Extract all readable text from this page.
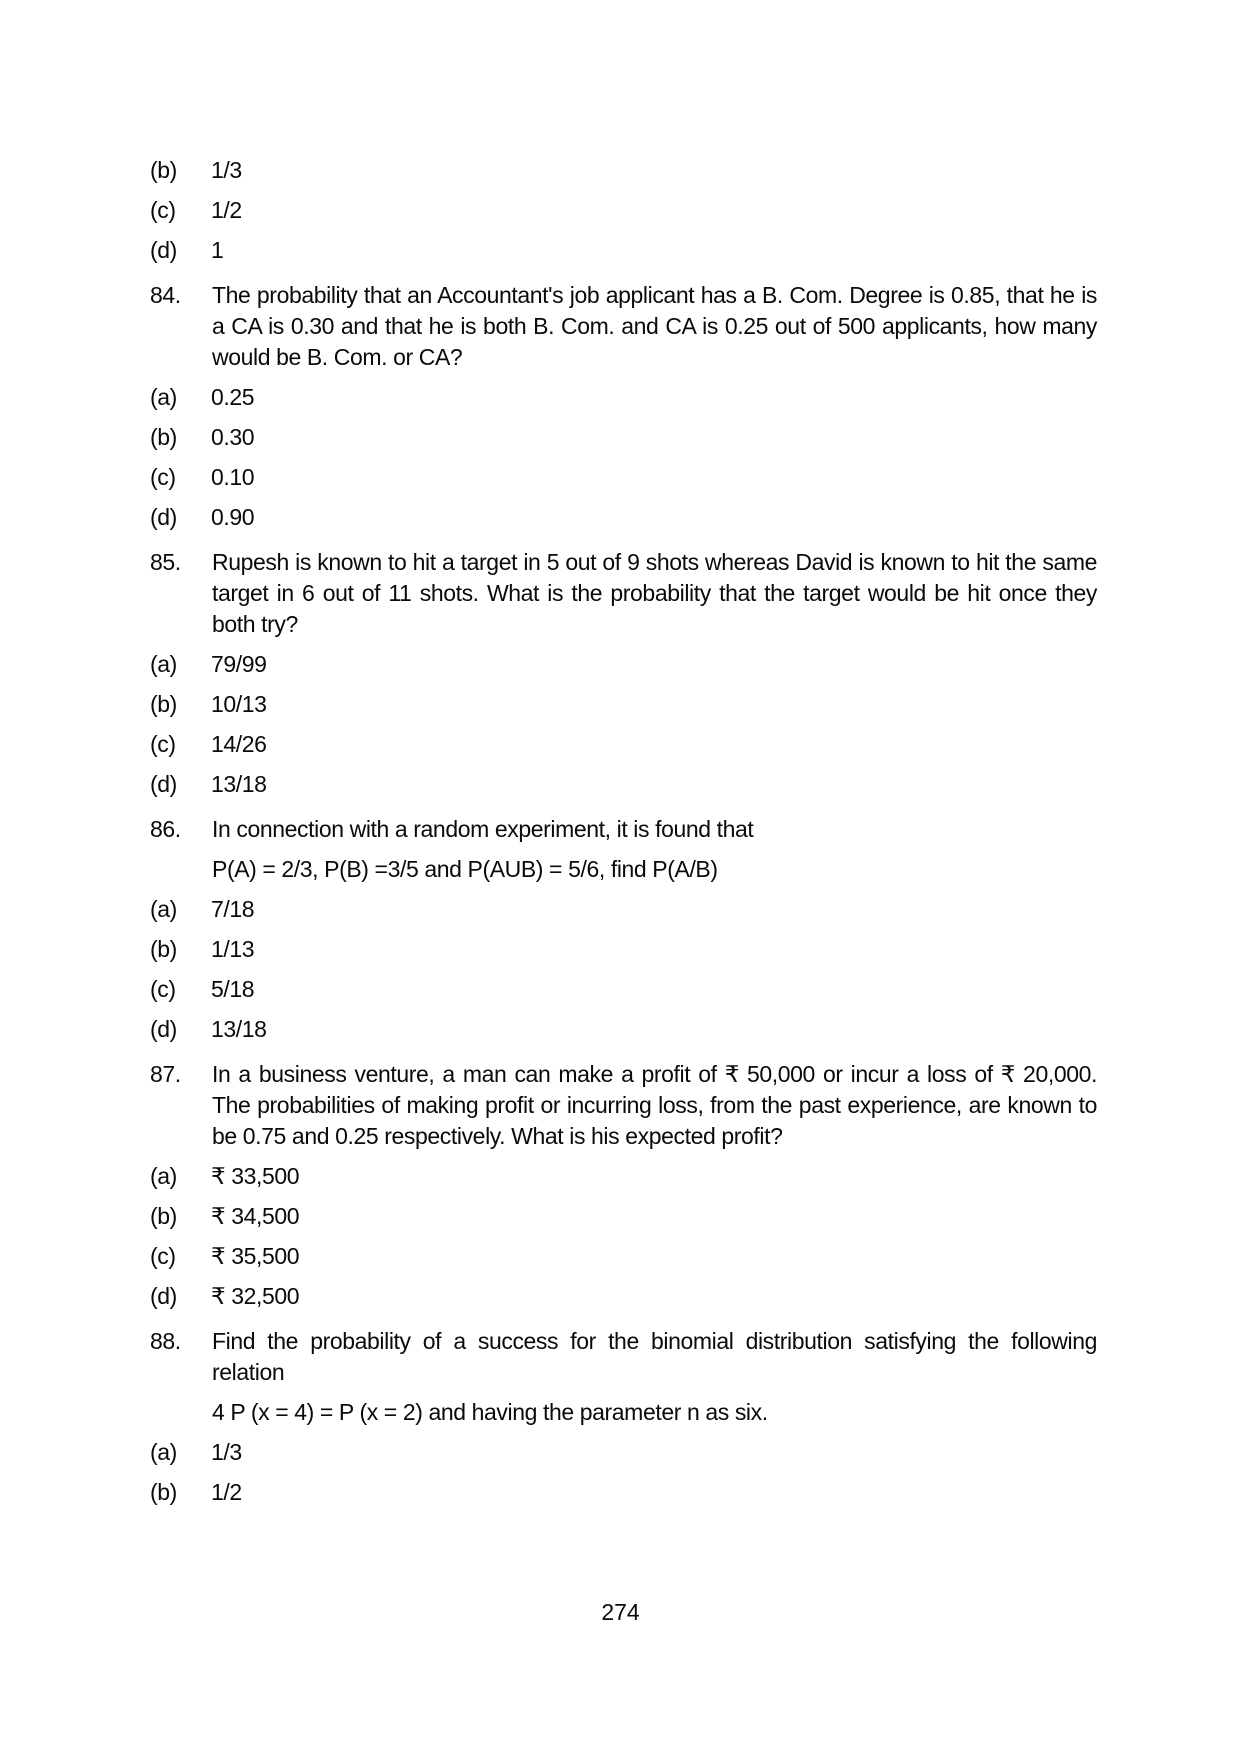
(b)	1/3
(c)	1/2
(d)	1
84.	The probability that an Accountant's job applicant has a B. Com. Degree is 0.85, that he is a CA is 0.30 and that he is both B. Com. and CA is 0.25 out of 500 applicants, how many would be B. Com. or CA?
(a)	0.25
(b)	0.30
(c)	0.10
(d)	0.90
85.	Rupesh is known to hit a target in 5 out of 9 shots whereas David is known to hit the same target in 6 out of 11 shots. What is the probability that the target would be hit once they both try?
(a)	79/99
(b)	10/13
(c)	14/26
(d)	13/18
86.	In connection with a random experiment, it is found that
P(A) = 2/3, P(B) =3/5 and P(AUB) = 5/6, find P(A/B)
(a)	7/18
(b)	1/13
(c)	5/18
(d)	13/18
87.	In a business venture, a man can make a profit of ₹ 50,000 or incur a loss of ₹ 20,000. The probabilities of making profit or incurring loss, from the past experience, are known to be 0.75 and 0.25 respectively. What is his expected profit?
(a)	₹ 33,500
(b)	₹ 34,500
(c)	₹ 35,500
(d)	₹ 32,500
88.	Find the probability of a success for the binomial distribution satisfying the following relation
4 P (x = 4) = P (x = 2) and having the parameter n as six.
(a)	1/3
(b)	1/2
274
